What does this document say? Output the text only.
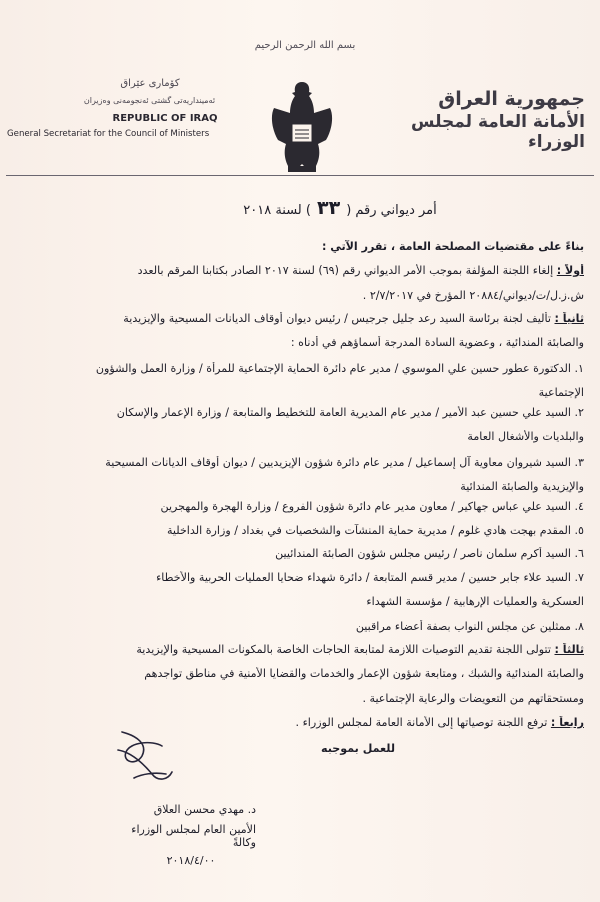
بسم الله الرحمن الرحيم
جمهورية العراق
الأمانة العامة لمجلس الوزراء
كۆماری عێراق
ئەمینداریەتی گشتی ئەنجومەنی وەزیران
REPUBLIC OF IRAQ
General Secretariat for the Council of Ministers
أمر ديواني رقم (٣٣) لسنة ٢٠١٨
بناءً على مقتضيات المصلحة العامة ، تقرر الآتي :
أولاً : إلغاء اللجنة المؤلفة بموجب الأمر الديواني رقم (٦٩) لسنة ٢٠١٧ الصادر بكتابنا المرقم بالعدد
ش.ز.ل/ت/ديواني/٢٠٨٨٤ المؤرخ في ٢/٧/٢٠١٧ .
ثانياً : تأليف لجنة برئاسة السيد رعد جليل جرجيس / رئيس ديوان أوقاف الديانات المسيحية والإيزيدية
والصابئة المندائية ، وعضوية السادة المدرجة أسماؤهم في أدناه :
١. الدكتورة عطور حسين علي الموسوي / مدير عام دائرة الحماية الإجتماعية للمرأة / وزارة العمل والشؤون
الإجتماعية
٢. السيد علي حسين عبد الأمير / مدير عام المديرية العامة للتخطيط والمتابعة / وزارة الإعمار والإسكان
والبلديات والأشغال العامة
٣. السيد شيروان معاوية آل إسماعيل / مدير عام دائرة شؤون الإيزيديين / ديوان أوقاف الديانات المسيحية
والإيزيدية والصابئة المندائية
٤. السيد علي عباس جهاكير / معاون مدير عام دائرة شؤون الفروع / وزارة الهجرة والمهجرين
٥. المقدم بهجت هادي غلوم / مديرية حماية المنشآت والشخصيات في بغداد / وزارة الداخلية
٦. السيد أكرم سلمان ناصر / رئيس مجلس شؤون الصابئة المندائيين
٧. السيد علاء جابر حسين / مدير قسم المتابعة / دائرة شهداء ضحايا العمليات الحربية والأخطاء
العسكرية والعمليات الإرهابية / مؤسسة الشهداء
٨. ممثلين عن مجلس النواب بصفة أعضاء مراقبين
ثالثاً : تتولى اللجنة تقديم التوصيات اللازمة لمتابعة الحاجات الخاصة بالمكونات المسيحية والإيزيدية
والصابئة المندائية والشبك ، ومتابعة شؤون الإعمار والخدمات والقضايا الأمنية في مناطق تواجدهم
ومستحقاتهم من التعويضات والرعاية الإجتماعية .
رابعاً : ترفع اللجنة توصياتها إلى الأمانة العامة لمجلس الوزراء .
للعمل بموجبه
د. مهدي محسن العلاق
الأمين العام لمجلس الوزراء وكالةً
٢٠١٨/٤/٠٠
